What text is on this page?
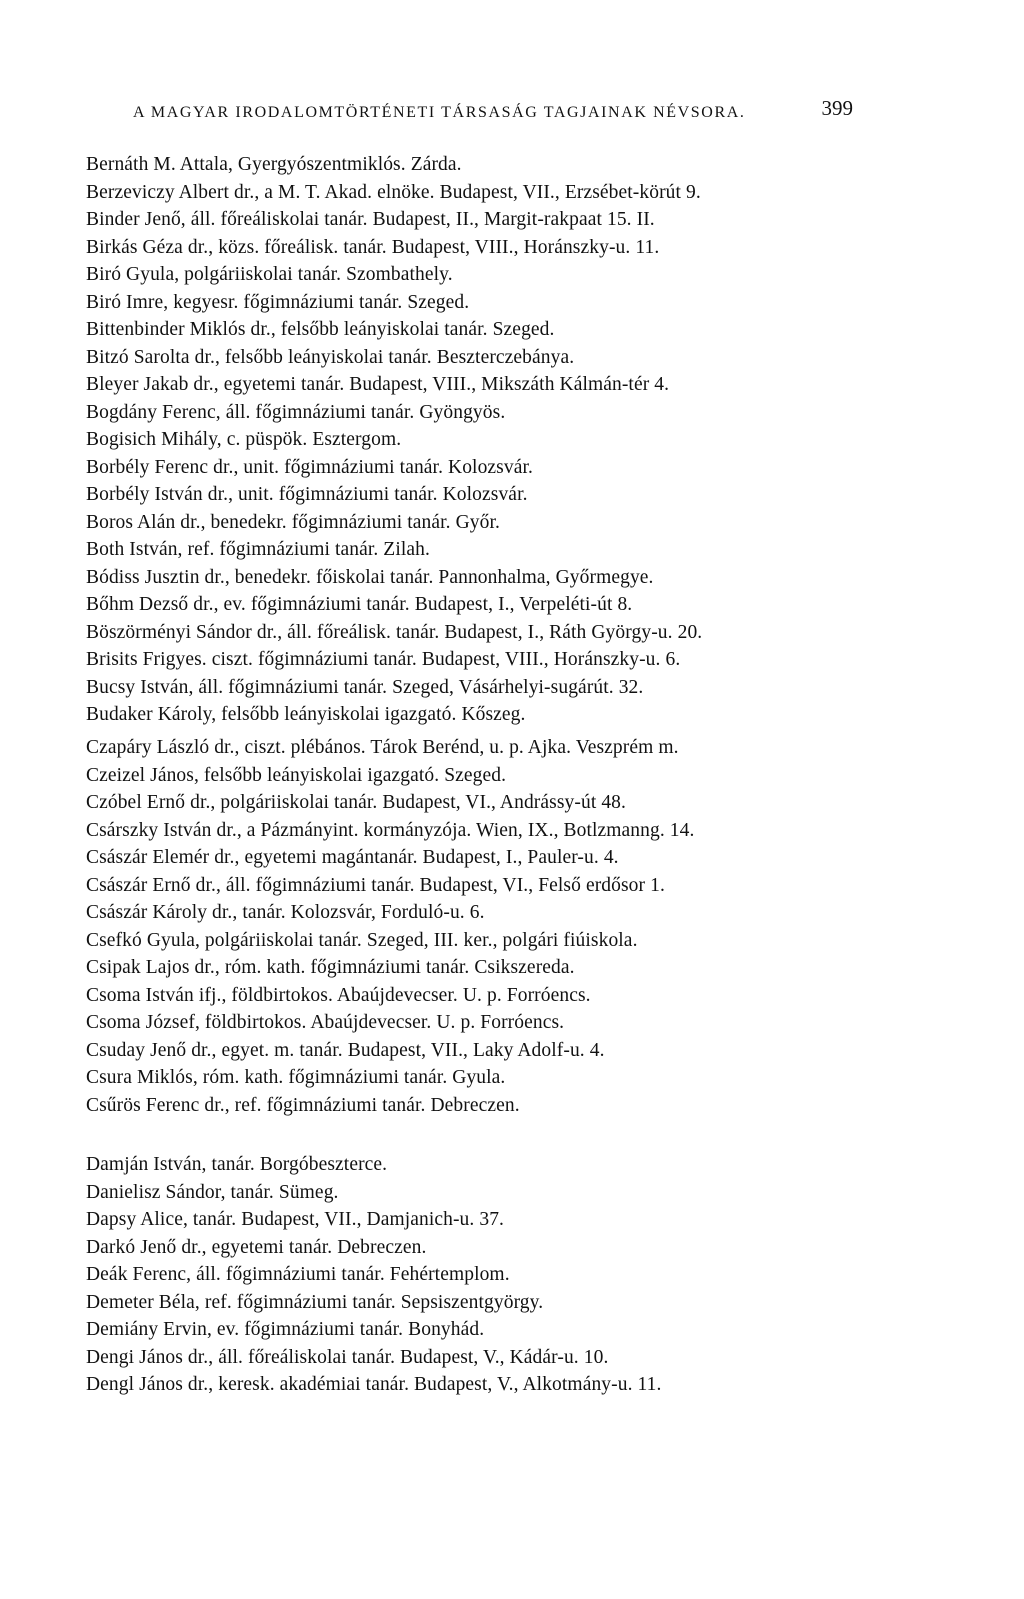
A MAGYAR IRODALOMTÖRTÉNETI TÁRSASÁG TAGJAINAK NÉVSORA.	399
Bernáth M. Attala, Gyergyószentmiklós. Zárda.
Berzeviczy Albert dr., a M. T. Akad. elnöke. Budapest, VII., Erzsébet-körút 9.
Binder Jenő, áll. főreáliskolai tanár. Budapest, II., Margit-rakpaat 15. II.
Birkás Géza dr., közs. főreálisk. tanár. Budapest, VIII., Horánszky-u. 11.
Biró Gyula, polgáriiskolai tanár. Szombathely.
Biró Imre, kegyesr. főgimnáziumi tanár. Szeged.
Bittenbinder Miklós dr., felsőbb leányiskolai tanár. Szeged.
Bitzó Sarolta dr., felsőbb leányiskolai tanár. Beszterczebánya.
Bleyer Jakab dr., egyetemi tanár. Budapest, VIII., Mikszáth Kálmán-tér 4.
Bogdány Ferenc, áll. főgimnáziumi tanár. Gyöngyös.
Bogisich Mihály, c. püspök. Esztergom.
Borbély Ferenc dr., unit. főgimnáziumi tanár. Kolozsvár.
Borbély István dr., unit. főgimnáziumi tanár. Kolozsvár.
Boros Alán dr., benedekr. főgimnáziumi tanár. Győr.
Both István, ref. főgimnáziumi tanár. Zilah.
Bódiss Jusztin dr., benedekr. főiskolai tanár. Pannonhalma, Győrmegye.
Bőhm Dezső dr., ev. főgimnáziumi tanár. Budapest, I., Verpeléti-út 8.
Böszörményi Sándor dr., áll. főreálisk. tanár. Budapest, I., Ráth György-u. 20.
Brisits Frigyes. ciszt. főgimnáziumi tanár. Budapest, VIII., Horánszky-u. 6.
Bucsy István, áll. főgimnáziumi tanár. Szeged, Vásárhelyi-sugárút. 32.
Budaker Károly, felsőbb leányiskolai igazgató. Kőszeg.
Czapáry László dr., ciszt. plébános. Tárok Berénd, u. p. Ajka. Veszprém m.
Czeizel János, felsőbb leányiskolai igazgató. Szeged.
Czóbel Ernő dr., polgáriiskolai tanár. Budapest, VI., Andrássy-út 48.
Csárszky István dr., a Pázmányint. kormányzója. Wien, IX., Botlzmanng. 14.
Császár Elemér dr., egyetemi magántanár. Budapest, I., Pauler-u. 4.
Császár Ernő dr., áll. főgimnáziumi tanár. Budapest, VI., Felső erdősor 1.
Császár Károly dr., tanár. Kolozsvár, Forduló-u. 6.
Csefkó Gyula, polgáriiskolai tanár. Szeged, III. ker., polgári fiúiskola.
Csipak Lajos dr., róm. kath. főgimnáziumi tanár. Csikszereda.
Csoma István ifj., földbirtokos. Abaújdevecser. U. p. Forróencs.
Csoma József, földbirtokos. Abaújdevecser. U. p. Forróencs.
Csuday Jenő dr., egyet. m. tanár. Budapest, VII., Laky Adolf-u. 4.
Csura Miklós, róm. kath. főgimnáziumi tanár. Gyula.
Csűrös Ferenc dr., ref. főgimnáziumi tanár. Debreczen.
Damján István, tanár. Borgóbeszterce.
Danielisz Sándor, tanár. Sümeg.
Dapsy Alice, tanár. Budapest, VII., Damjanich-u. 37.
Darkó Jenő dr., egyetemi tanár. Debreczen.
Deák Ferenc, áll. főgimnáziumi tanár. Fehértemplom.
Demeter Béla, ref. főgimnáziumi tanár. Sepsiszentgyörgy.
Demiány Ervin, ev. főgimnáziumi tanár. Bonyhád.
Dengi János dr., áll. főreáliskolai tanár. Budapest, V., Kádár-u. 10.
Dengl János dr., keresk. akadémiai tanár. Budapest, V., Alkotmány-u. 11.
